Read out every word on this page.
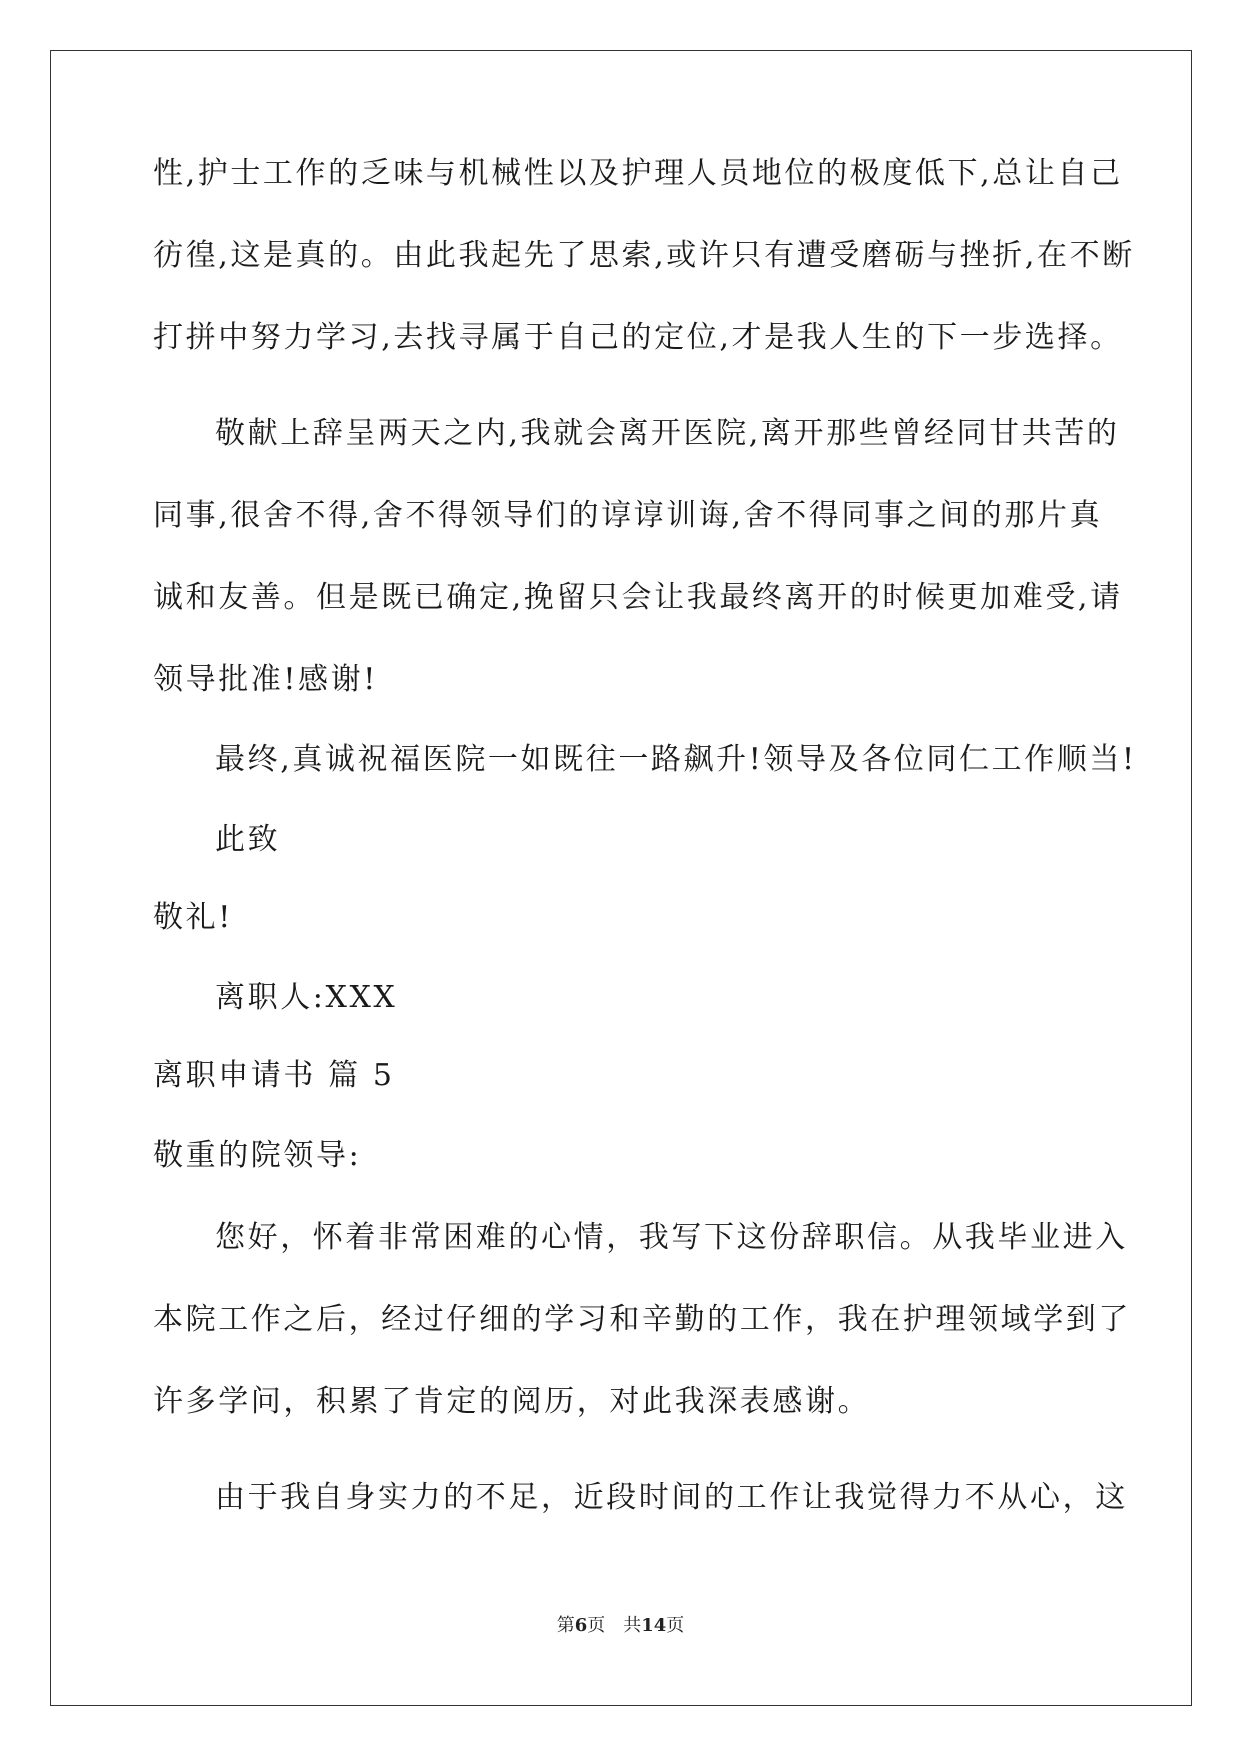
性,护士工作的乏味与机械性以及护理人员地位的极度低下,总让自己
彷徨,这是真的。由此我起先了思索,或许只有遭受磨砺与挫折,在不断
打拼中努力学习,去找寻属于自己的定位,才是我人生的下一步选择。
敬献上辞呈两天之内,我就会离开医院,离开那些曾经同甘共苦的
同事,很舍不得,舍不得领导们的谆谆训诲,舍不得同事之间的那片真
诚和友善。但是既已确定,挽留只会让我最终离开的时候更加难受,请
领导批准!感谢!
最终,真诚祝福医院一如既往一路飙升!领导及各位同仁工作顺当!
此致
敬礼!
离职人:XXX
离职申请书 篇 5
敬重的院领导:
您好，怀着非常困难的心情，我写下这份辞职信。从我毕业进入
本院工作之后，经过仔细的学习和辛勤的工作，我在护理领域学到了
许多学问，积累了肯定的阅历，对此我深表感谢。
由于我自身实力的不足，近段时间的工作让我觉得力不从心，这
第6页　共14页
